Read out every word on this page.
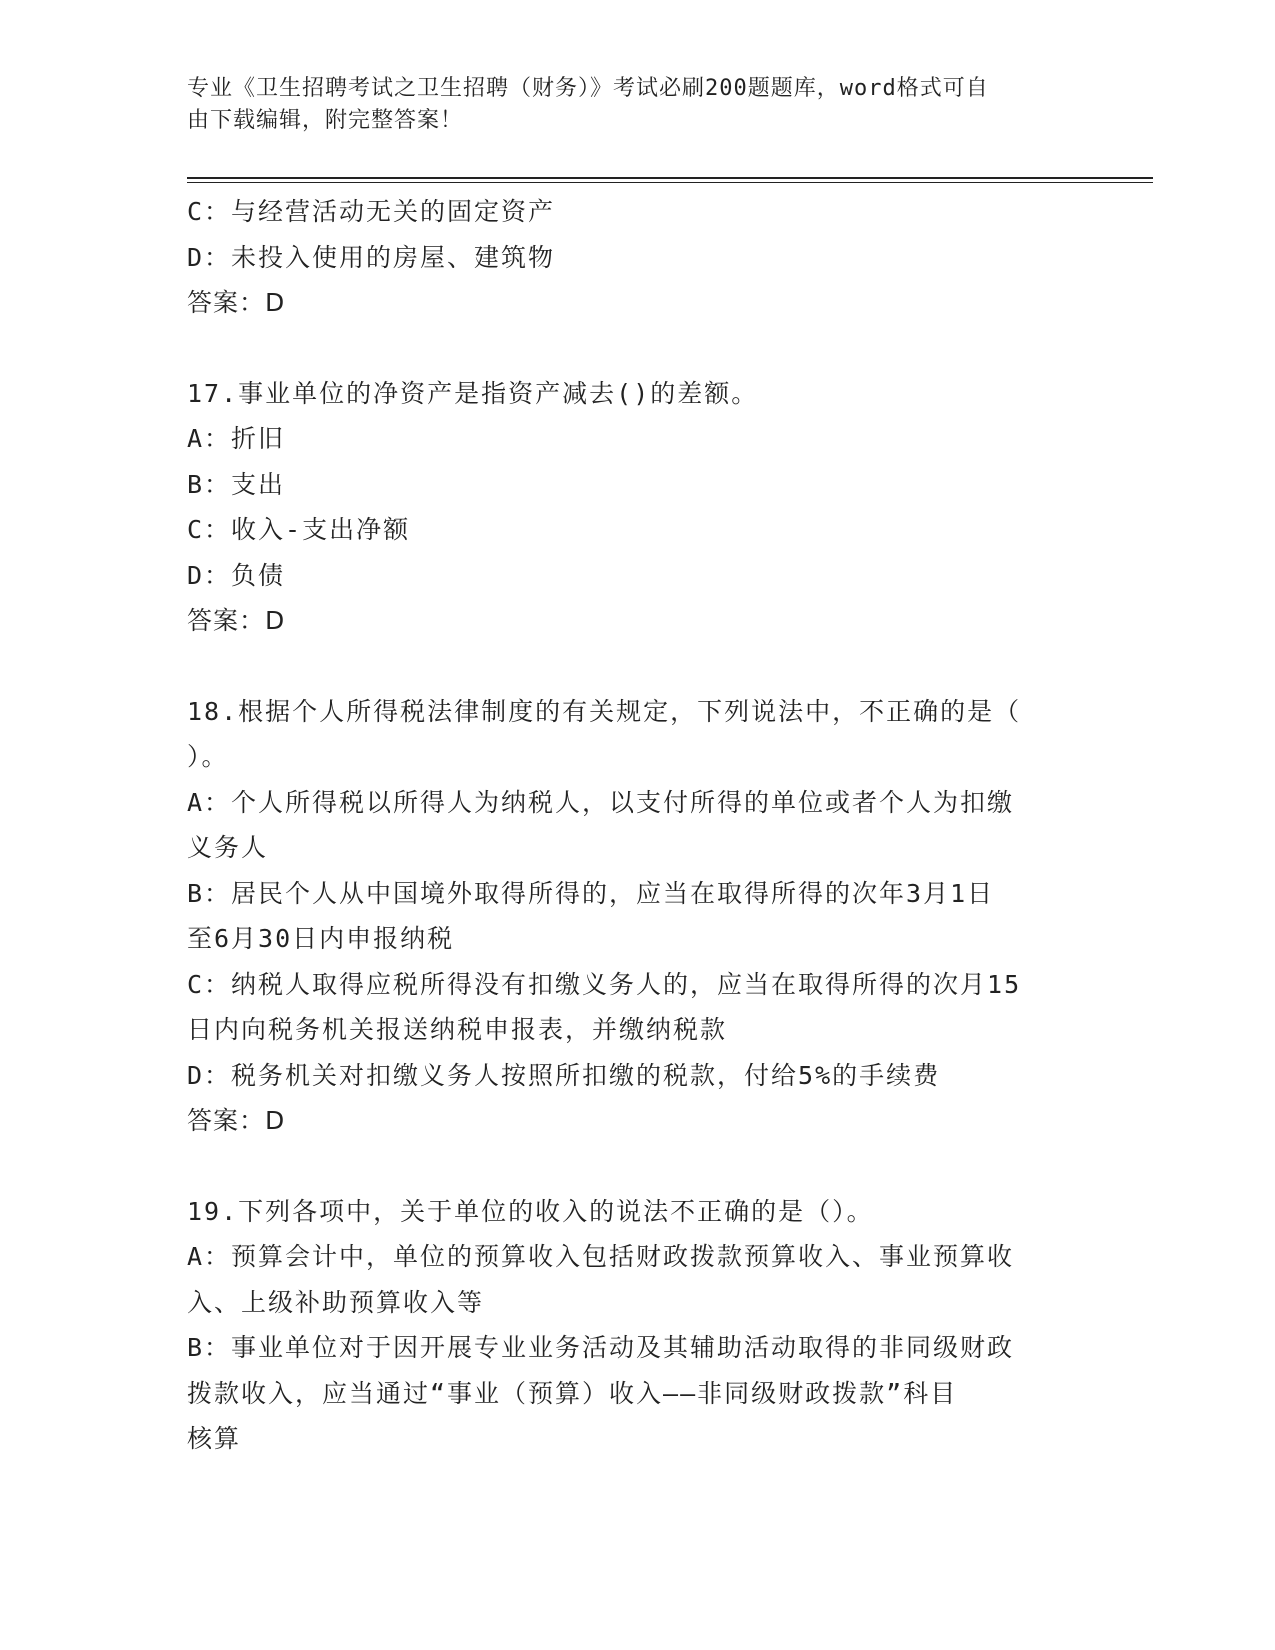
专业《卫生招聘考试之卫生招聘（财务）》考试必刷200题题库，word格式可自
由下载编辑，附完整答案！
C：与经营活动无关的固定资产
D：未投入使用的房屋、建筑物
答案：D
17.事业单位的净资产是指资产减去()的差额。
A：折旧
B：支出
C：收入-支出净额
D：负债
答案：D
18.根据个人所得税法律制度的有关规定，下列说法中，不正确的是（
）。
A：个人所得税以所得人为纳税人，以支付所得的单位或者个人为扣缴
义务人
B：居民个人从中国境外取得所得的，应当在取得所得的次年3月1日
至6月30日内申报纳税
C：纳税人取得应税所得没有扣缴义务人的，应当在取得所得的次月15
日内向税务机关报送纳税申报表，并缴纳税款
D：税务机关对扣缴义务人按照所扣缴的税款，付给5%的手续费
答案：D
19.下列各项中，关于单位的收入的说法不正确的是（）。
A：预算会计中，单位的预算收入包括财政拨款预算收入、事业预算收
入、上级补助预算收入等
B：事业单位对于因开展专业业务活动及其辅助活动取得的非同级财政
拨款收入，应当通过“事业（预算）收入——非同级财政拨款”科目
核算
